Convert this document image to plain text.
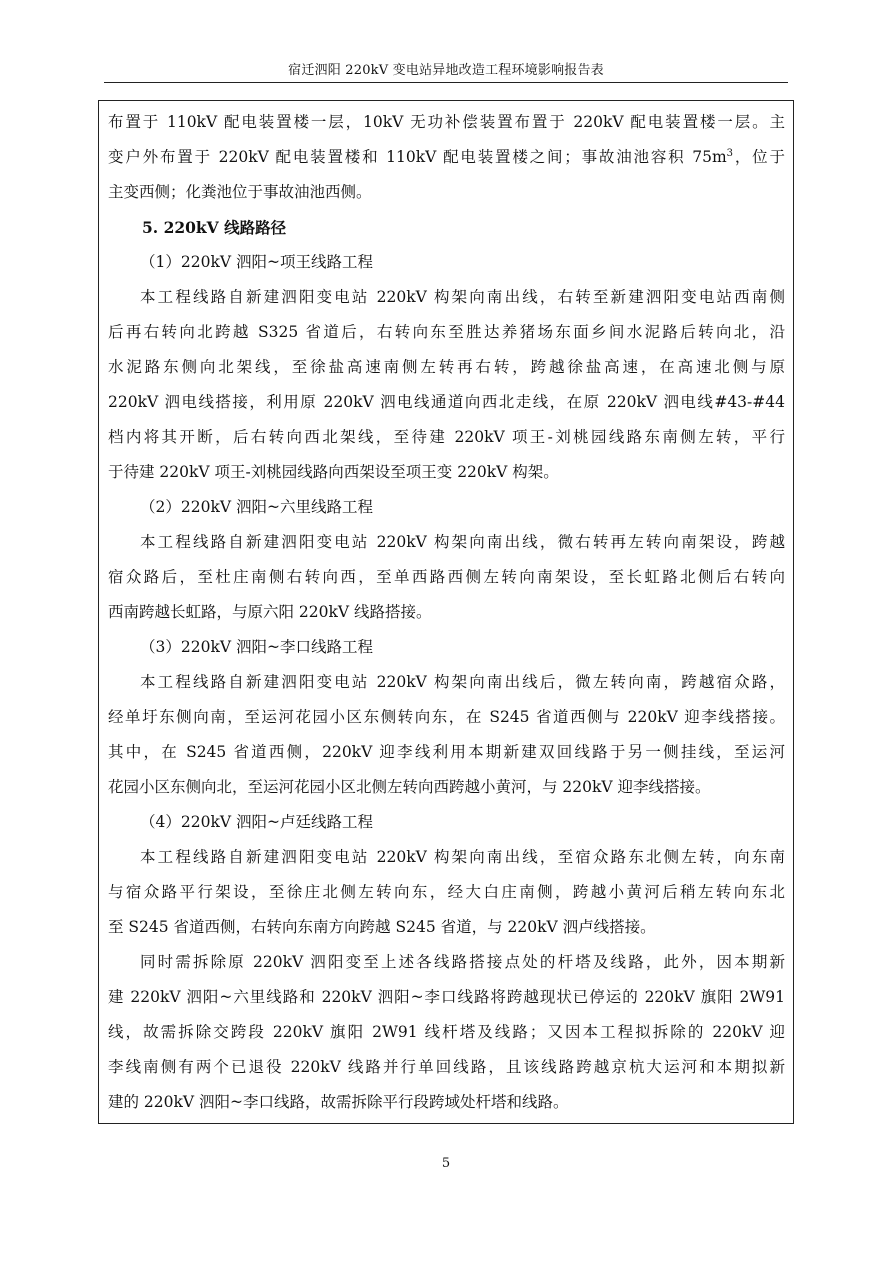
宿迁泗阳 220kV 变电站异地改造工程环境影响报告表
布置于 110kV 配电装置楼一层，10kV 无功补偿装置布置于 220kV 配电装置楼一层。主
变户外布置于 220kV 配电装置楼和 110kV 配电装置楼之间；事故油池容积 $75m^3$，位于
主变西侧；化粪池位于事故油池西侧。
5. 220kV 线路路径
（1）220kV 泗阳~项王线路工程
本工程线路自新建泗阳变电站 220kV 构架向南出线，右转至新建泗阳变电站西南侧
后再右转向北跨越 S325 省道后，右转向东至胜达养猪场东面乡间水泥路后转向北，沿
水泥路东侧向北架线，至徐盐高速南侧左转再右转，跨越徐盐高速，在高速北侧与原
220kV 泗电线搭接，利用原 220kV 泗电线通道向西北走线，在原 220kV 泗电线#43-#44
档内将其开断，后右转向西北架线，至待建 220kV 项王-刘桃园线路东南侧左转，平行
于待建 220kV 项王-刘桃园线路向西架设至项王变 220kV 构架。
（2）220kV 泗阳~六里线路工程
本工程线路自新建泗阳变电站 220kV 构架向南出线，微右转再左转向南架设，跨越
宿众路后，至杜庄南侧右转向西，至单西路西侧左转向南架设，至长虹路北侧后右转向
西南跨越长虹路，与原六阳 220kV 线路搭接。
（3）220kV 泗阳~李口线路工程
本工程线路自新建泗阳变电站 220kV 构架向南出线后，微左转向南，跨越宿众路，
经单圩东侧向南，至运河花园小区东侧转向东，在 S245 省道西侧与 220kV 迎李线搭接。
其中，在 S245 省道西侧，220kV 迎李线利用本期新建双回线路于另一侧挂线，至运河
花园小区东侧向北，至运河花园小区北侧左转向西跨越小黄河，与 220kV 迎李线搭接。
（4）220kV 泗阳~卢廷线路工程
本工程线路自新建泗阳变电站 220kV 构架向南出线，至宿众路东北侧左转，向东南
与宿众路平行架设，至徐庄北侧左转向东，经大白庄南侧，跨越小黄河后稍左转向东北
至 S245 省道西侧，右转向东南方向跨越 S245 省道，与 220kV 泗卢线搭接。
同时需拆除原 220kV 泗阳变至上述各线路搭接点处的杆塔及线路，此外，因本期新
建 220kV 泗阳~六里线路和 220kV 泗阳~李口线路将跨越现状已停运的 220kV 旗阳 2W91
线，故需拆除交跨段 220kV 旗阳 2W91 线杆塔及线路；又因本工程拟拆除的 220kV 迎
李线南侧有两个已退役 220kV 线路并行单回线路，且该线路跨越京杭大运河和本期拟新
建的 220kV 泗阳~李口线路，故需拆除平行段跨域处杆塔和线路。
5
